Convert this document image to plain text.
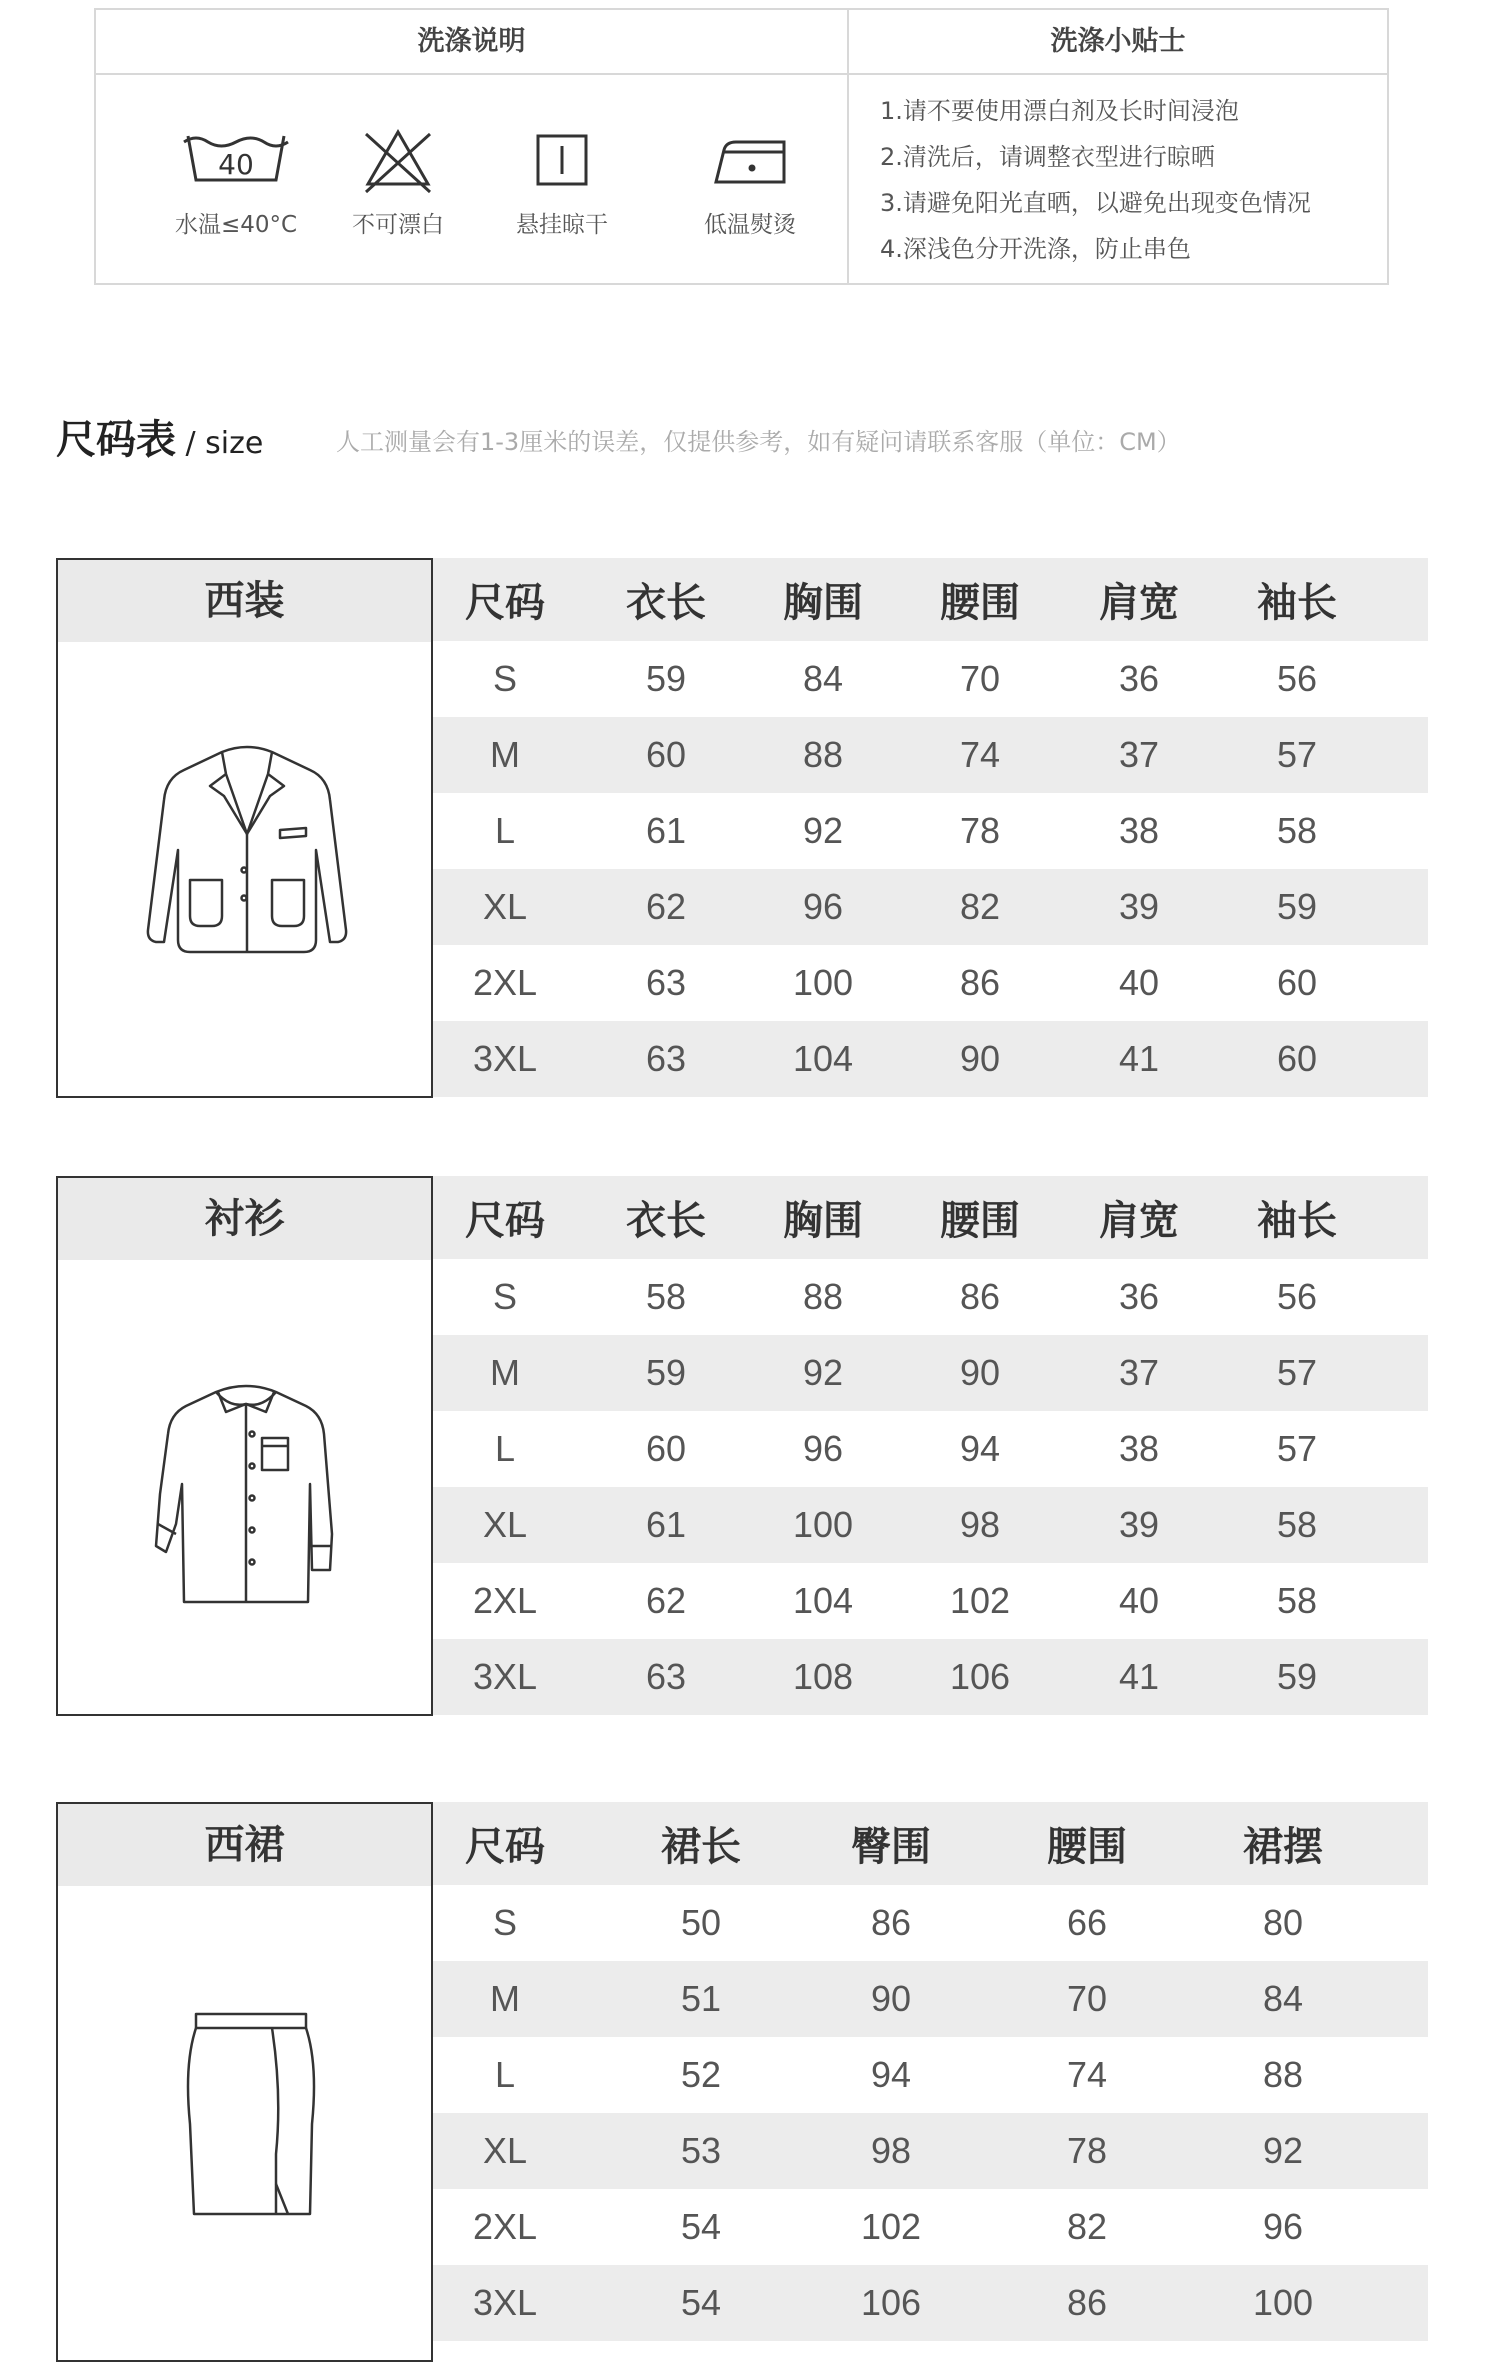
洗涤说明	洗涤小贴士
40
水温≤40°C	不可漂白	悬挂晾干	低温熨烫
1.请不要使用漂白剂及长时间浸泡
2.清洗后，请调整衣型进行晾晒
3.请避免阳光直晒，以避免出现变色情况
4.深浅色分开洗涤，防止串色
尺码表 / size	人工测量会有1-3厘米的误差，仅提供参考，如有疑问请联系客服（单位：CM）
西装	尺码	衣长	胸围	腰围	肩宽	袖长
S	59	84	70	36	56
M	60	88	74	37	57
L	61	92	78	38	58
XL	62	96	82	39	59
2XL	63	100	86	40	60
3XL	63	104	90	41	60
衬衫	尺码	衣长	胸围	腰围	肩宽	袖长
S	58	88	86	36	56
M	59	92	90	37	57
L	60	96	94	38	57
XL	61	100	98	39	58
2XL	62	104	102	40	58
3XL	63	108	106	41	59
西裙	尺码	裙长	臀围	腰围	裙摆
S	50	86	66	80
M	51	90	70	84
L	52	94	74	88
XL	53	98	78	92
2XL	54	102	82	96
3XL	54	106	86	100
